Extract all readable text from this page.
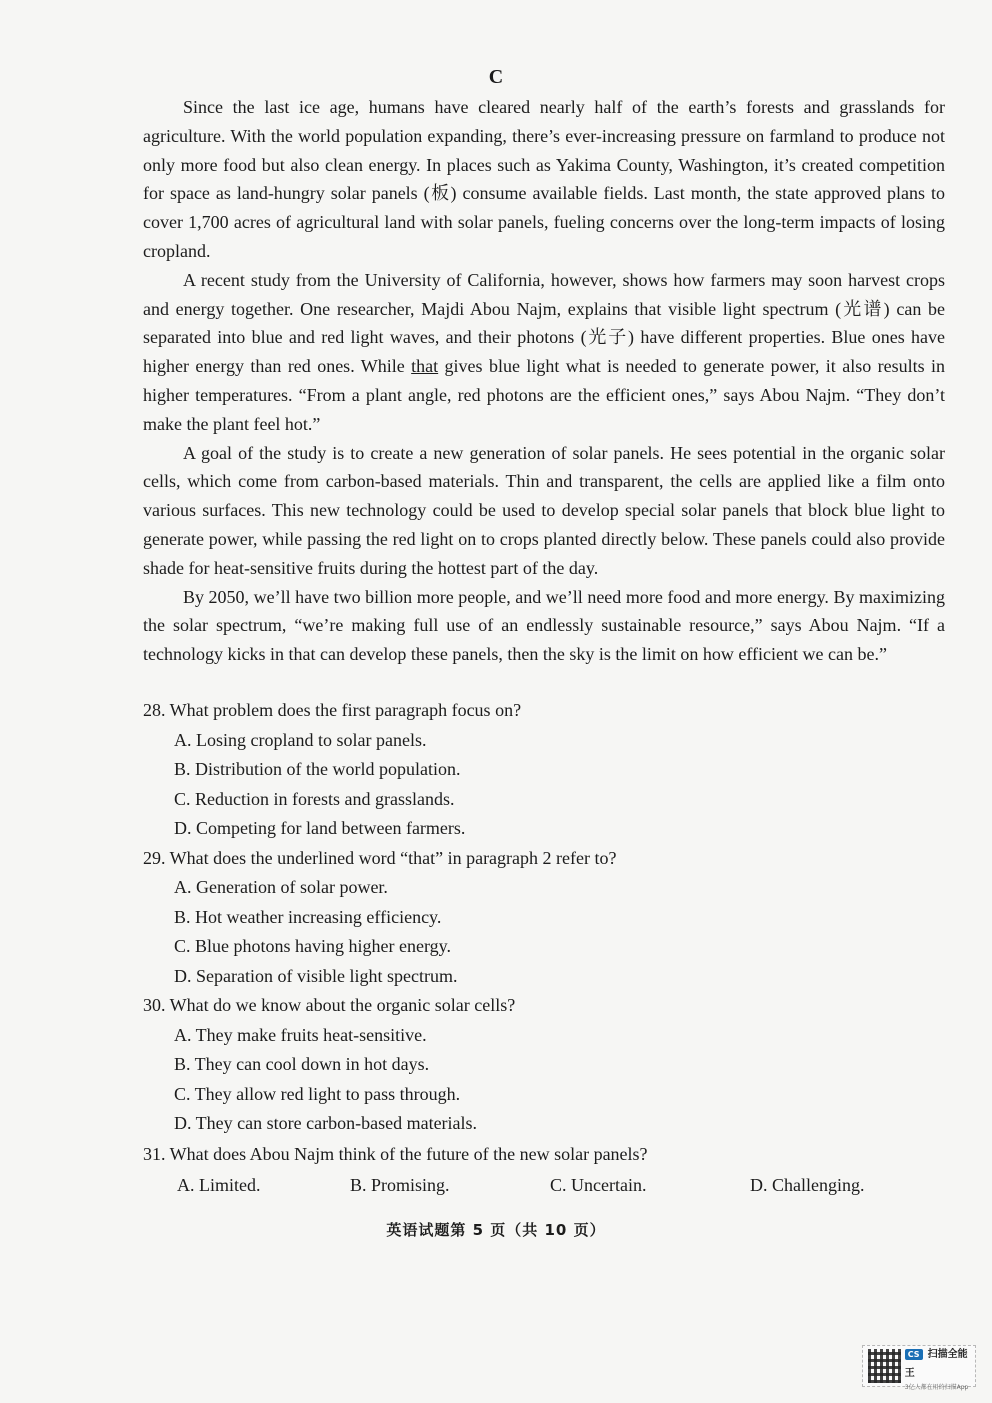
C

Since the last ice age, humans have cleared nearly half of the earth’s forests and grasslands for agriculture. With the world population expanding, there’s ever-increasing pressure on farmland to produce not only more food but also clean energy. In places such as Yakima County, Washington, it’s created competition for space as land-hungry solar panels (板) consume available fields. Last month, the state approved plans to cover 1,700 acres of agricultural land with solar panels, fueling concerns over the long-term impacts of losing cropland.

A recent study from the University of California, however, shows how farmers may soon harvest crops and energy together. One researcher, Majdi Abou Najm, explains that visible light spectrum (光谱) can be separated into blue and red light waves, and their photons (光子) have different properties. Blue ones have higher energy than red ones. While that gives blue light what is needed to generate power, it also results in higher temperatures. “From a plant angle, red photons are the efficient ones,” says Abou Najm. “They don’t make the plant feel hot.”

A goal of the study is to create a new generation of solar panels. He sees potential in the organic solar cells, which come from carbon-based materials. Thin and transparent, the cells are applied like a film onto various surfaces. This new technology could be used to develop special solar panels that block blue light to generate power, while passing the red light on to crops planted directly below. These panels could also provide shade for heat-sensitive fruits during the hottest part of the day.

By 2050, we’ll have two billion more people, and we’ll need more food and more energy. By maximizing the solar spectrum, “we’re making full use of an endlessly sustainable resource,” says Abou Najm. “If a technology kicks in that can develop these panels, then the sky is the limit on how efficient we can be.”

28. What problem does the first paragraph focus on?
A. Losing cropland to solar panels.
B. Distribution of the world population.
C. Reduction in forests and grasslands.
D. Competing for land between farmers.
29. What does the underlined word “that” in paragraph 2 refer to?
A. Generation of solar power.
B. Hot weather increasing efficiency.
C. Blue photons having higher energy.
D. Separation of visible light spectrum.
30. What do we know about the organic solar cells?
A. They make fruits heat-sensitive.
B. They can cool down in hot days.
C. They allow red light to pass through.
D. They can store carbon-based materials.
31. What does Abou Najm think of the future of the new solar panels?
A. Limited.	B. Promising.	C. Uncertain.	D. Challenging.
英语试题第 5 页（共 10 页）
CS 扫描全能王
3亿人都在用的扫描App
